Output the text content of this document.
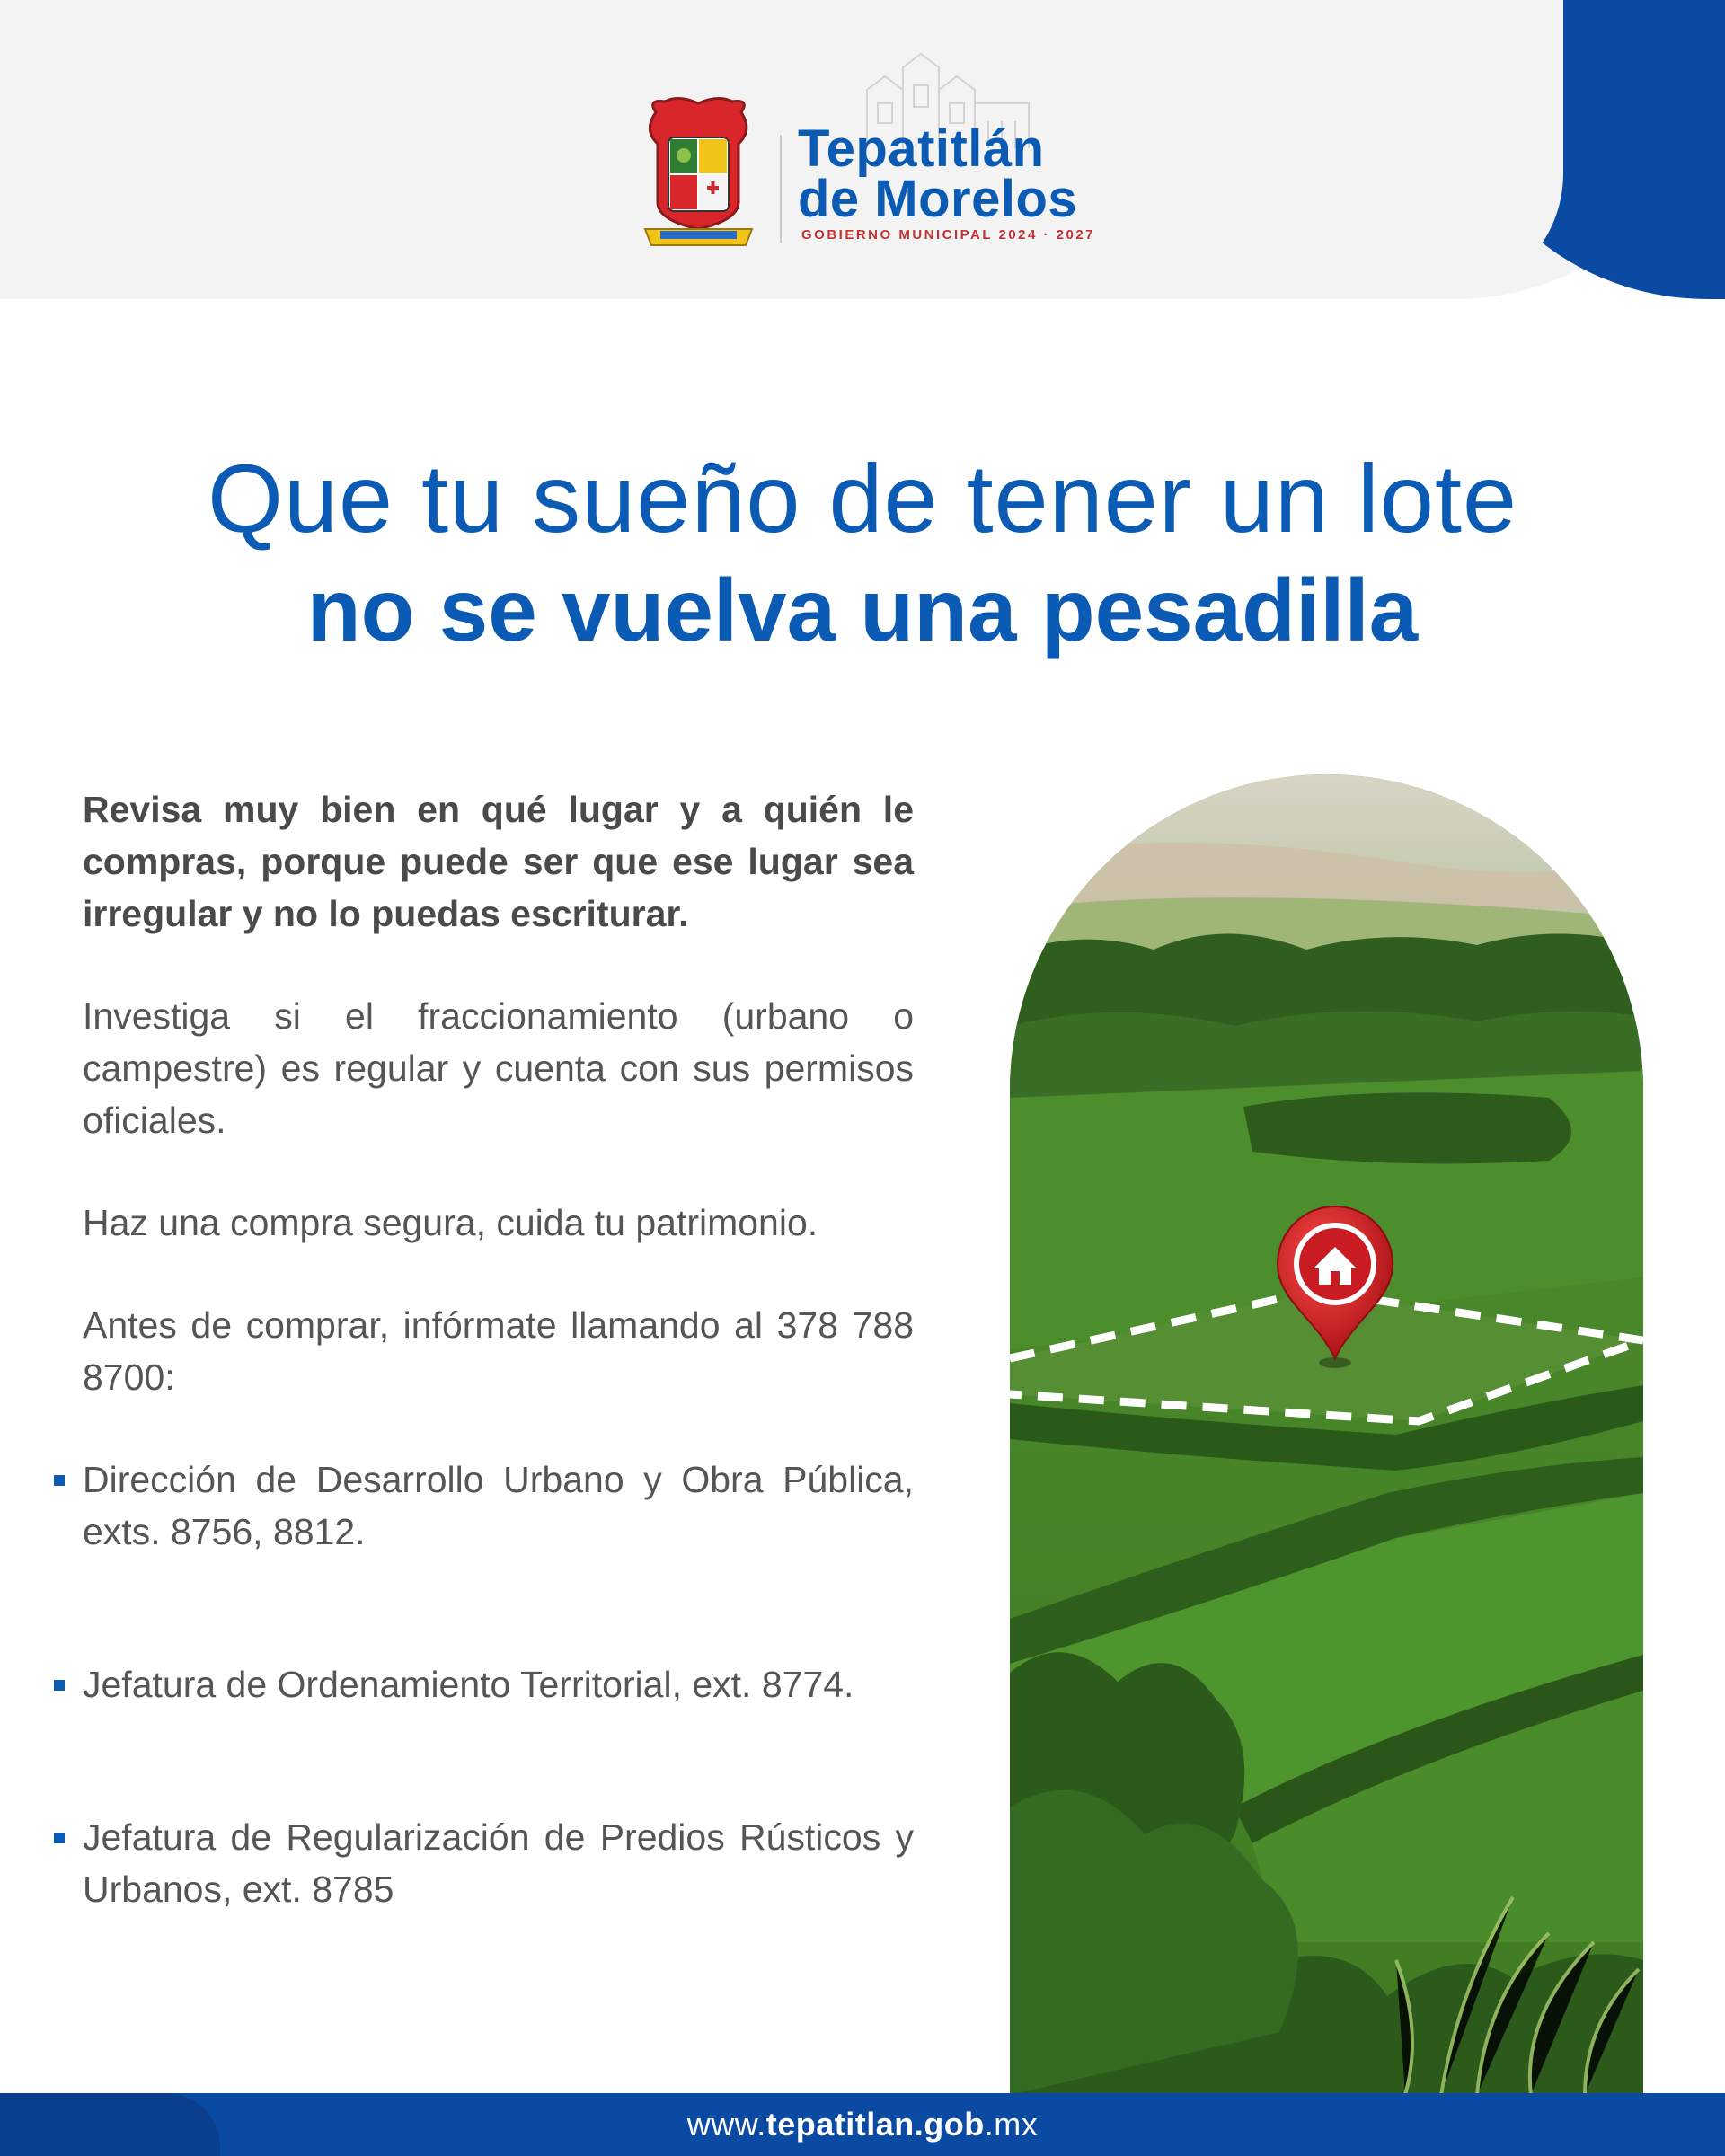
Tepatitlán
de Morelos
GOBIERNO MUNICIPAL 2024 · 2027
Que tu sueño de tener un lote
no se vuelva una pesadilla

Revisa muy bien en qué lugar y a quién le compras, porque puede ser que ese lugar sea irregular y no lo puedas escriturar.

Investiga si el fraccionamiento (urbano o campestre) es regular y cuenta con sus permisos oficiales.

Haz una compra segura, cuida tu patrimonio.

Antes de comprar, infórmate llamando al 378 788 8700:

Dirección de Desarrollo Urbano y Obra Pública, exts. 8756, 8812.
Jefatura de Ordenamiento Territorial, ext. 8774.
Jefatura de Regularización de Predios Rústicos y Urbanos, ext. 8785
www.tepatitlan.gob.mx
